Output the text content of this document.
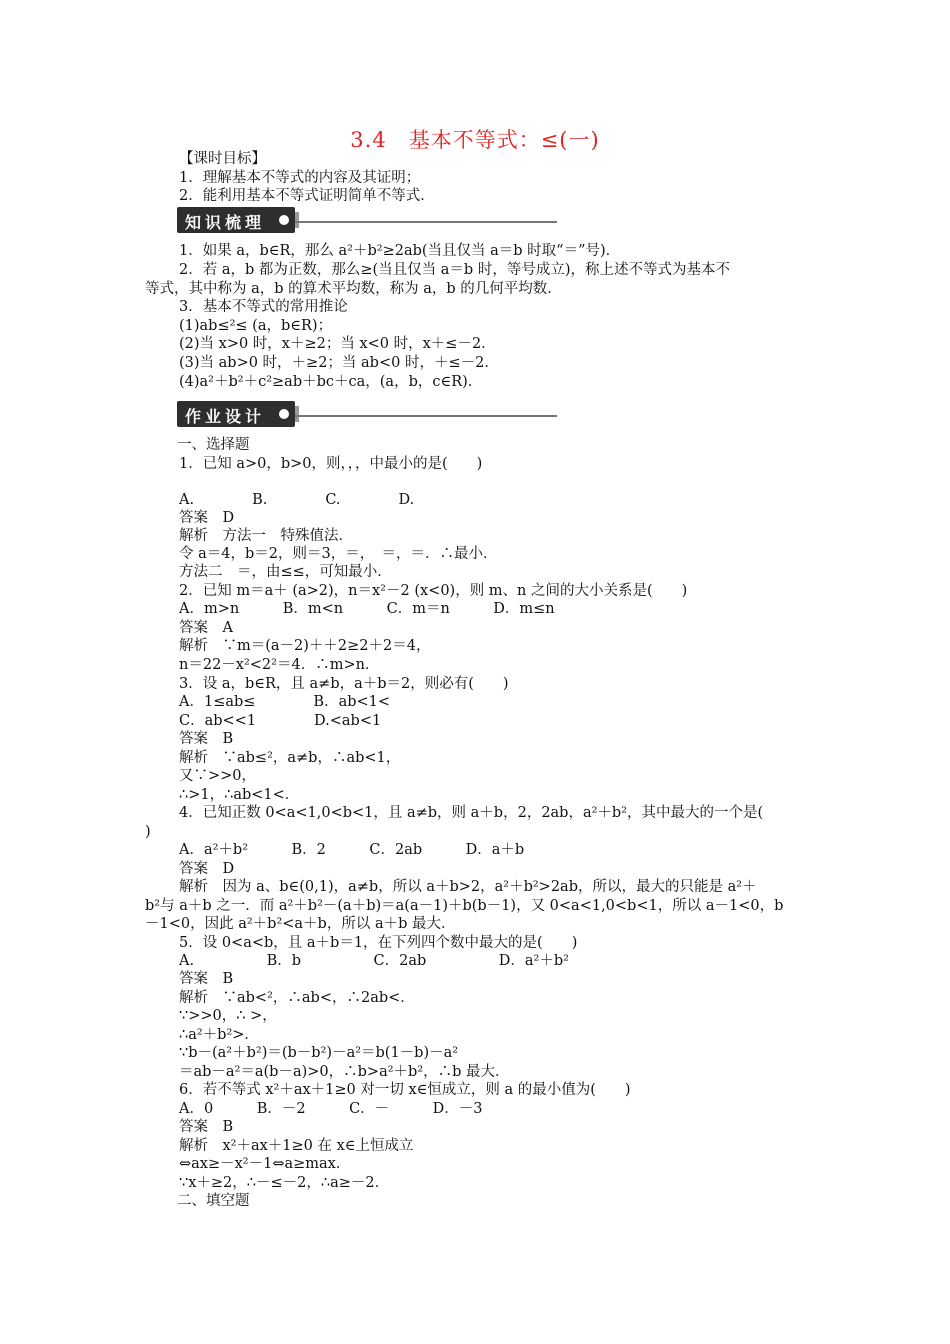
3.4　基本不等式：≤(一)
【课时目标】
1．理解基本不等式的内容及其证明；
2．能利用基本不等式证明简单不等式．
知识梳理
1．如果 a，b∈R，那么 a²＋b²≥2ab(当且仅当 a＝b 时取“＝”号)．
2．若 a，b 都为正数，那么≥(当且仅当 a＝b 时，等号成立)，称上述不等式为基本不
等式，其中称为 a，b 的算术平均数，称为 a，b 的几何平均数．
3．基本不等式的常用推论
(1)ab≤²≤ (a，b∈R)；
(2)当 x>0 时，x＋≥2；当 x<0 时，x＋≤－2．
(3)当 ab>0 时，＋≥2；当 ab<0 时，＋≤－2．
(4)a²＋b²＋c²≥ab＋bc＋ca，(a，b，c∈R)．
作业设计
一、选择题
1．已知 a>0，b>0，则，，，中最小的是(　　)
A.　　　　B.　　　　C.　　　　D.
答案　D
解析　方法一　特殊值法．
令 a＝4，b＝2，则＝3，＝，　＝，＝．∴最小．
方法二　＝，由≤≤，可知最小．
2．已知 m＝a＋ (a>2)，n＝x²－2 (x<0)，则 m、n 之间的大小关系是(　　)
A．m>n　　　B．m<n　　　C．m＝n　　　D．m≤n
答案　A
解析　∵m＝(a－2)＋＋2≥2＋2＝4，
n＝22－x²<2²＝4．∴m>n．
3．设 a，b∈R，且 a≠b，a＋b＝2，则必有(　　)
A．1≤ab≤　　　　B．ab<1<
C．ab<<1　　　　D.<ab<1
答案　B
解析　∵ab≤²，a≠b，∴ab<1，
又∵>>0，
∴>1，∴ab<1<．
4．已知正数 0<a<1,0<b<1，且 a≠b，则 a＋b，2，2ab，a²＋b²，其中最大的一个是(
)
A．a²＋b²　　　B．2　　　C．2ab　　　D．a＋b
答案　D
解析　因为 a、b∈(0,1)，a≠b，所以 a＋b>2，a²＋b²>2ab，所以，最大的只能是 a²＋
b²与 a＋b 之一．而 a²＋b²－(a＋b)＝a(a－1)＋b(b－1)，又 0<a<1,0<b<1，所以 a－1<0，b
－1<0，因此 a²＋b²<a＋b，所以 a＋b 最大．
5．设 0<a<b，且 a＋b＝1，在下列四个数中最大的是(　　)
A.　　　　　B．b　　　　　C．2ab　　　　　D．a²＋b²
答案　B
解析　∵ab<²，∴ab<，∴2ab<．
∵>>0，∴ >，
∴a²＋b²>．
∵b－(a²＋b²)＝(b－b²)－a²＝b(1－b)－a²
＝ab－a²＝a(b－a)>0，∴b>a²＋b²，∴b 最大．
6．若不等式 x²＋ax＋1≥0 对一切 x∈恒成立，则 a 的最小值为(　　)
A．0　　　B．－2　　　C．－　　　D．－3
答案　B
解析　x²＋ax＋1≥0 在 x∈上恒成立
⇔ax≥－x²－1⇔a≥max．
∵x＋≥2，∴－≤－2，∴a≥－2．
二、填空题
